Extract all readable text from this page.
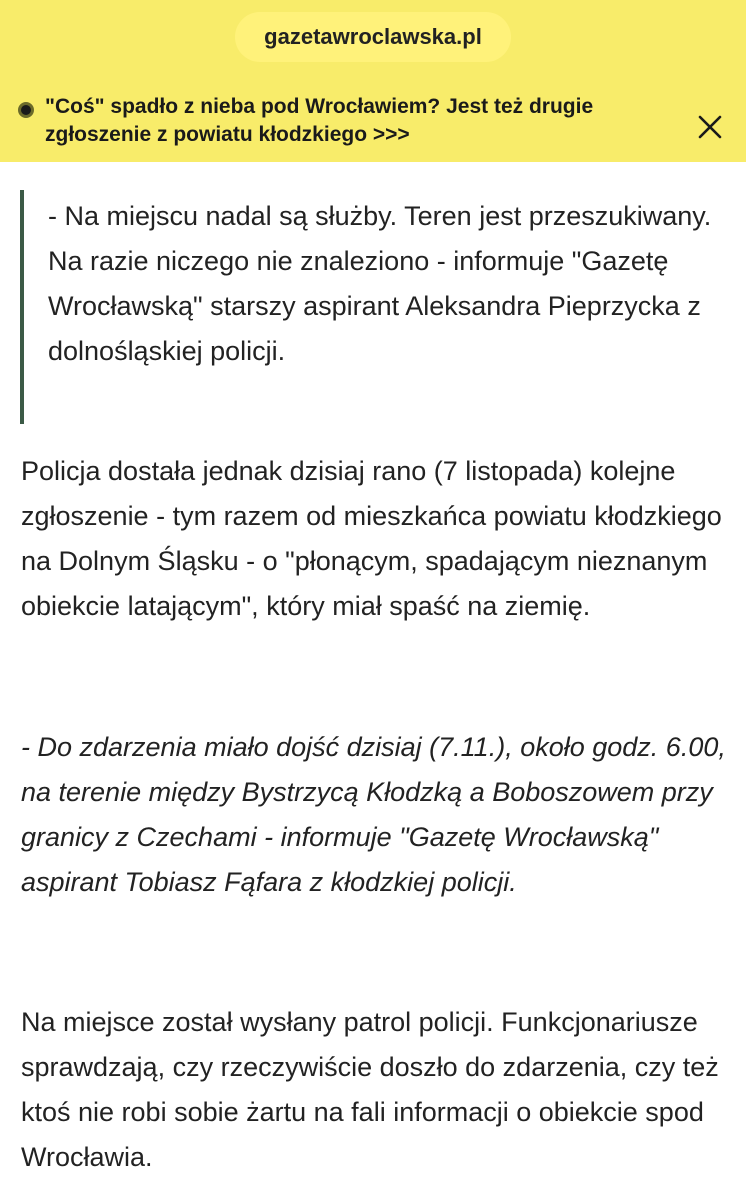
gazetawroclawska.pl
"Coś" spadło z nieba pod Wrocławiem? Jest też drugie zgłoszenie z powiatu kłodzkiego >>>
- Na miejscu nadal są służby. Teren jest przeszukiwany. Na razie niczego nie znaleziono - informuje "Gazetę Wrocławską" starszy aspirant Aleksandra Pieprzycka z dolnośląskiej policji.
Policja dostała jednak dzisiaj rano (7 listopada) kolejne zgłoszenie - tym razem od mieszkańca powiatu kłodzkiego na Dolnym Śląsku - o "płonącym, spadającym nieznanym obiekcie latającym", który miał spaść na ziemię.
- Do zdarzenia miało dojść dzisiaj (7.11.), około godz. 6.00, na terenie między Bystrzycą Kłodzką a Boboszowem przy granicy z Czechami - informuje "Gazetę Wrocławską" aspirant Tobiasz Fąfara z kłodzkiej policji.
Na miejsce został wysłany patrol policji. Funkcjonariusze sprawdzają, czy rzeczywiście doszło do zdarzenia, czy też ktoś nie robi sobie żartu na fali informacji o obiekcie spod Wrocławia.
